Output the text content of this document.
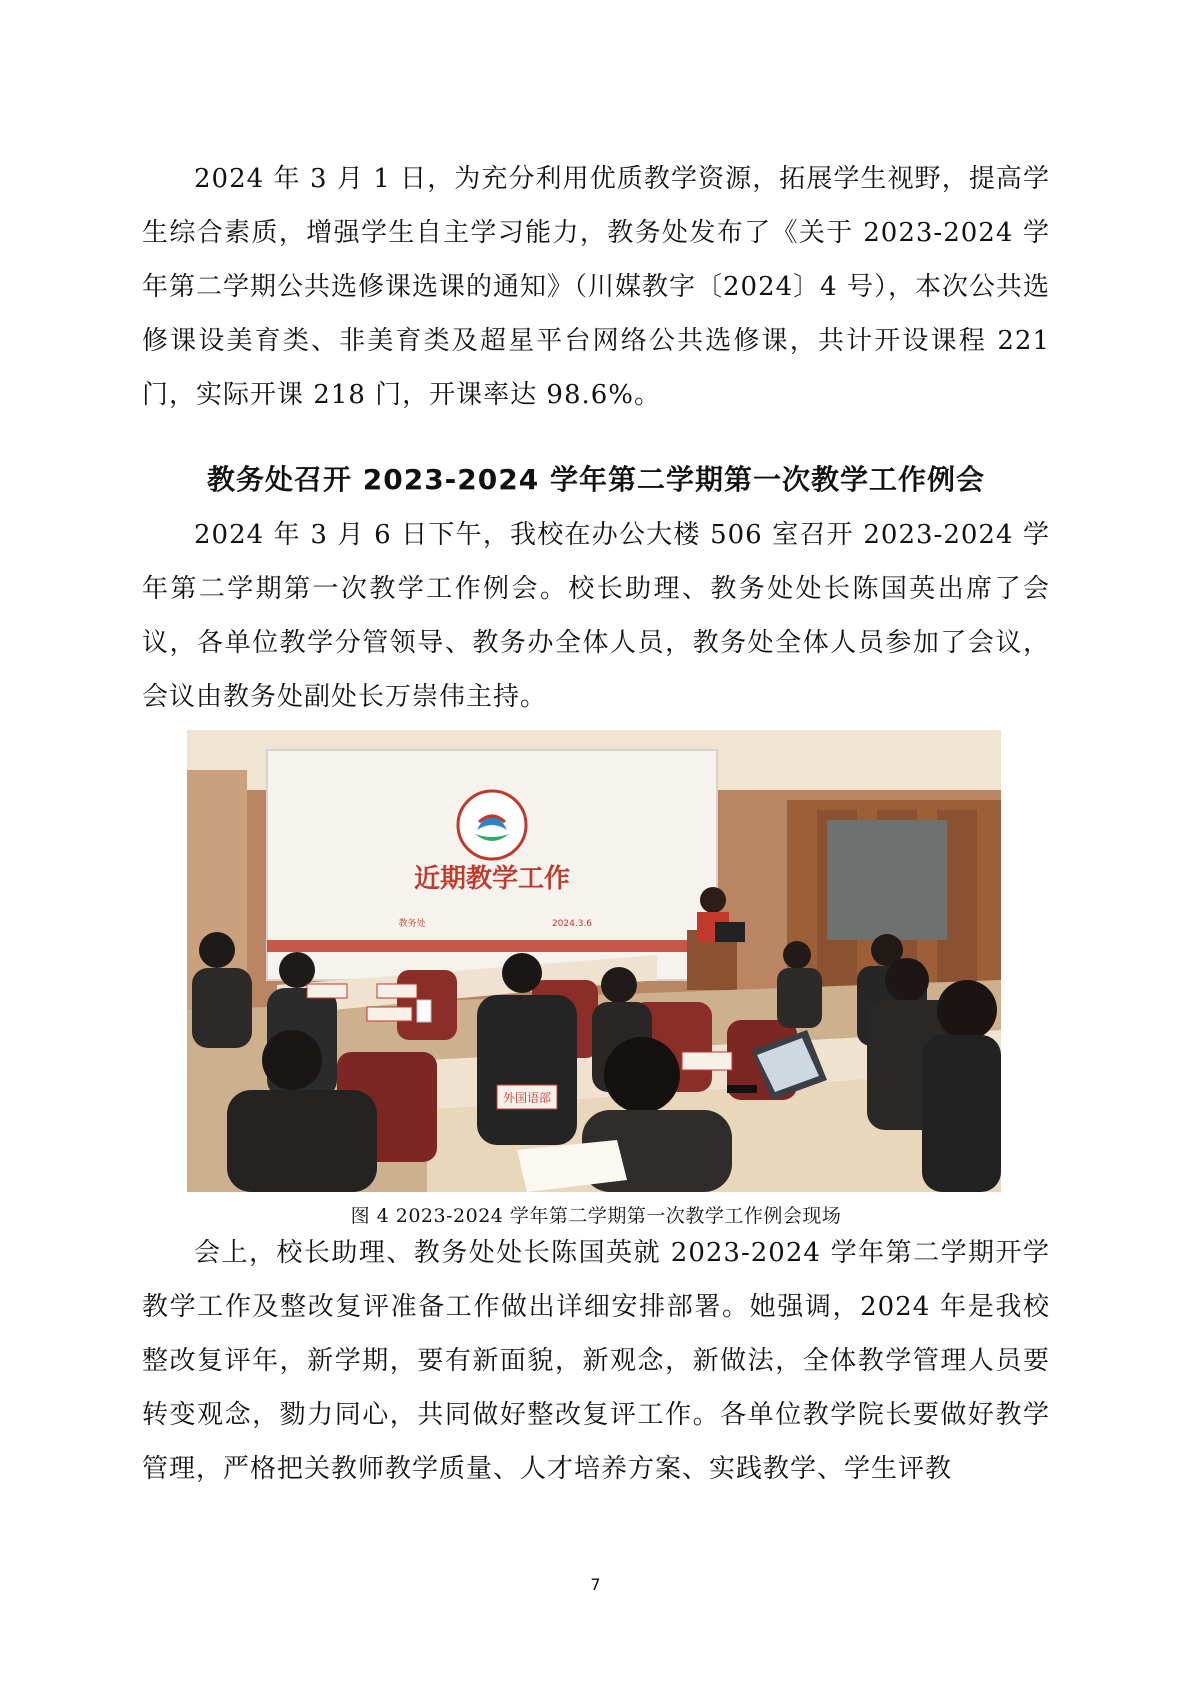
2024 年 3 月 1 日，为充分利用优质教学资源，拓展学生视野，提高学生综合素质，增强学生自主学习能力，教务处发布了《关于 2023-2024 学年第二学期公共选修课选课的通知》（川媒教字〔2024〕4 号），本次公共选修课设美育类、非美育类及超星平台网络公共选修课，共计开设课程 221 门，实际开课 218 门，开课率达 98.6%。

教务处召开 2023-2024 学年第二学期第一次教学工作例会

2024 年 3 月 6 日下午，我校在办公大楼 506 室召开 2023-2024 学年第二学期第一次教学工作例会。校长助理、教务处处长陈国英出席了会议，各单位教学分管领导、教务办全体人员，教务处全体人员参加了会议，会议由教务处副处长万崇伟主持。

近期教学工作
教务处	2024.3.6
外国语部

图 4 2023-2024 学年第二学期第一次教学工作例会现场

会上，校长助理、教务处处长陈国英就 2023-2024 学年第二学期开学教学工作及整改复评准备工作做出详细安排部署。她强调，2024 年是我校整改复评年，新学期，要有新面貌，新观念，新做法，全体教学管理人员要转变观念，勠力同心，共同做好整改复评工作。各单位教学院长要做好教学管理，严格把关教师教学质量、人才培养方案、实践教学、学生评教

7
